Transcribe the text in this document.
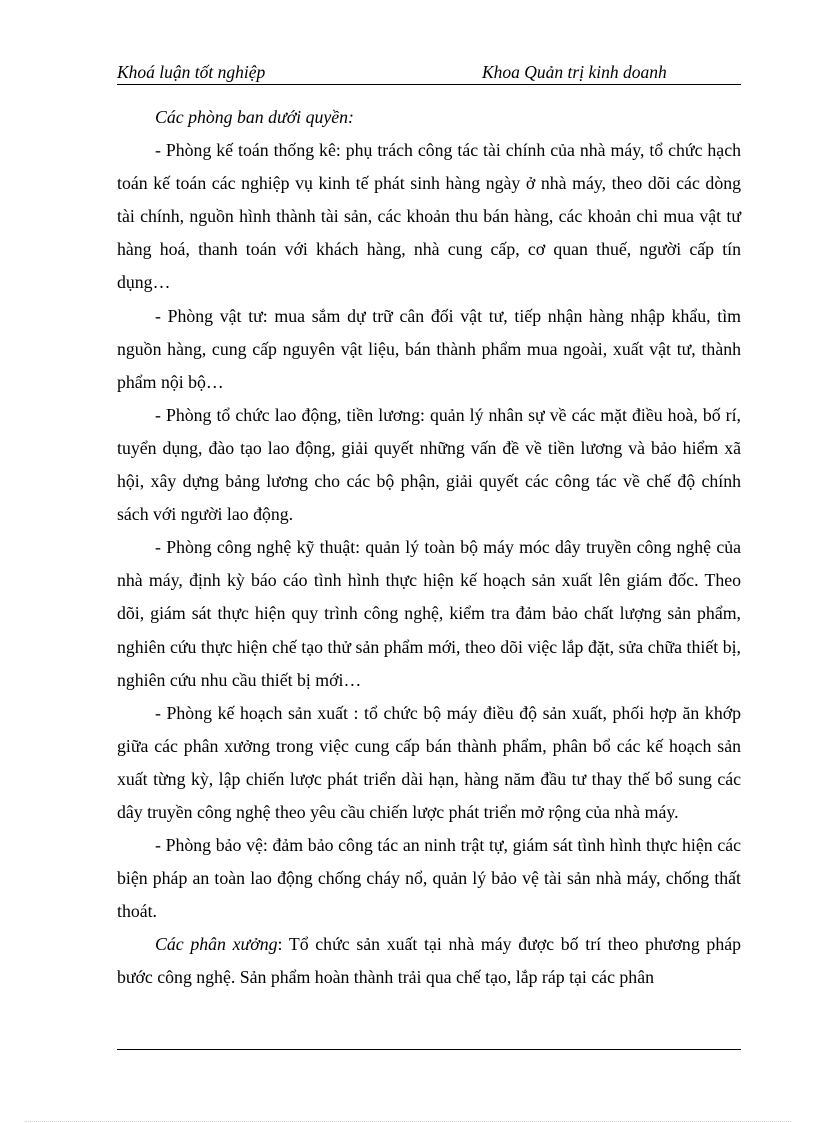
Khoá luận tốt nghiệp	Khoa Quản trị kinh doanh

Các phòng ban dưới quyền:

- Phòng kế toán thống kê: phụ trách công tác tài chính của nhà máy, tổ chức hạch toán kế toán các nghiệp vụ kinh tế phát sinh hàng ngày ở nhà máy, theo dõi các dòng tài chính, nguồn hình thành tài sản, các khoản thu bán hàng, các khoản chi mua vật tư hàng hoá, thanh toán với khách hàng, nhà cung cấp, cơ quan thuế, người cấp tín dụng…

- Phòng vật tư: mua sắm dự trữ cân đối vật tư, tiếp nhận hàng nhập khẩu, tìm nguồn hàng, cung cấp nguyên vật liệu, bán thành phẩm mua ngoài, xuất vật tư, thành phẩm nội bộ…

- Phòng tổ chức lao động, tiền lương: quản lý nhân sự về các mặt điều hoà, bố rí, tuyển dụng, đào tạo lao động, giải quyết những vấn đề về tiền lương và bảo hiểm xã hội, xây dựng bảng lương cho các bộ phận, giải quyết các công tác về chế độ chính sách với người lao động.

- Phòng công nghệ kỹ thuật: quản lý toàn bộ máy móc dây truyền công nghệ của nhà máy, định kỳ báo cáo tình hình thực hiện kế hoạch sản xuất lên giám đốc. Theo dõi, giám sát thực hiện quy trình công nghệ, kiểm tra đảm bảo chất lượng sản phẩm, nghiên cứu thực hiện chế tạo thử sản phẩm mới, theo dõi việc lắp đặt, sửa chữa thiết bị, nghiên cứu nhu cầu thiết bị mới…

- Phòng kế hoạch sản xuất : tổ chức bộ máy điều độ sản xuất, phối hợp ăn khớp giữa các phân xưởng trong việc cung cấp bán thành phẩm, phân bổ các kế hoạch sản xuất từng kỳ, lập chiến lược phát triển dài hạn, hàng năm đầu tư thay thế bổ sung các dây truyền công nghệ theo yêu cầu chiến lược phát triển mở rộng của nhà máy.

- Phòng bảo vệ: đảm bảo công tác an ninh trật tự, giám sát tình hình thực hiện các biện pháp an toàn lao động chống cháy nổ, quản lý bảo vệ tài sản nhà máy, chống thất thoát.

Các phân xưởng: Tổ chức sản xuất tại nhà máy được bố trí theo phương pháp bước công nghệ. Sản phẩm hoàn thành trải qua chế tạo, lắp ráp tại các phân
